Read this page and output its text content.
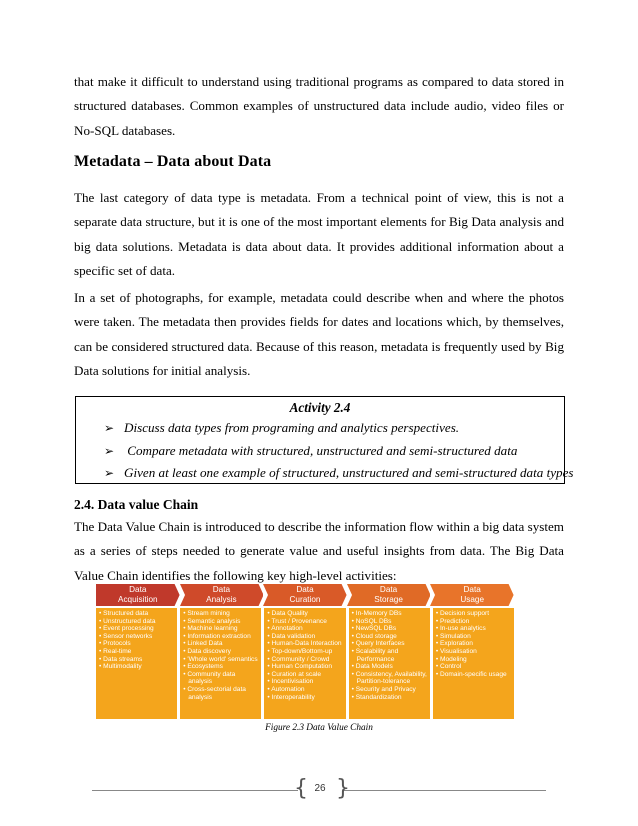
that make it difficult to understand using traditional programs as compared to data stored in structured databases. Common examples of unstructured data include audio, video files or No-SQL databases.

Metadata – Data about Data

The last category of data type is metadata. From a technical point of view, this is not a separate data structure, but it is one of the most important elements for Big Data analysis and big data solutions. Metadata is data about data. It provides additional information about a specific set of data.

In a set of photographs, for example, metadata could describe when and where the photos were taken. The metadata then provides fields for dates and locations which, by themselves, can be considered structured data. Because of this reason, metadata is frequently used by Big Data solutions for initial analysis.

Activity 2.4
➢ Discuss data types from programing and analytics perspectives.
➢ Compare metadata with structured, unstructured and semi-structured data
➢ Given at least one example of structured, unstructured and semi-structured data types
2.4. Data value Chain

The Data Value Chain is introduced to describe the information flow within a big data system as a series of steps needed to generate value and useful insights from data. The Big Data Value Chain identifies the following key high-level activities:

Data
Acquisition
Data
Analysis
Data
Curation
Data
Storage
Data
Usage
• Structured data
• Unstructured data
• Event processing
• Sensor networks
• Protocols
• Real-time
• Data streams
• Multimodality
• Stream mining
• Semantic analysis
• Machine learning
• Information extraction
• Linked Data
• Data discovery
• 'Whole world' semantics
• Ecosystems
• Community data analysis
• Cross-sectorial data analysis
• Data Quality
• Trust / Provenance
• Annotation
• Data validation
• Human-Data Interaction
• Top-down/Bottom-up
• Community / Crowd
• Human Computation
• Curation at scale
• Incentivisation
• Automation
• Interoperability
• In-Memory DBs
• NoSQL DBs
• NewSQL DBs
• Cloud storage
• Query Interfaces
• Scalability and Performance
• Data Models
• Consistency, Availability, Partition-tolerance
• Security and Privacy
• Standardization
• Decision support
• Prediction
• In-use analytics
• Simulation
• Exploration
• Visualisation
• Modeling
• Control
• Domain-specific usage
Figure 2.3 Data Value Chain
{ 26 }
